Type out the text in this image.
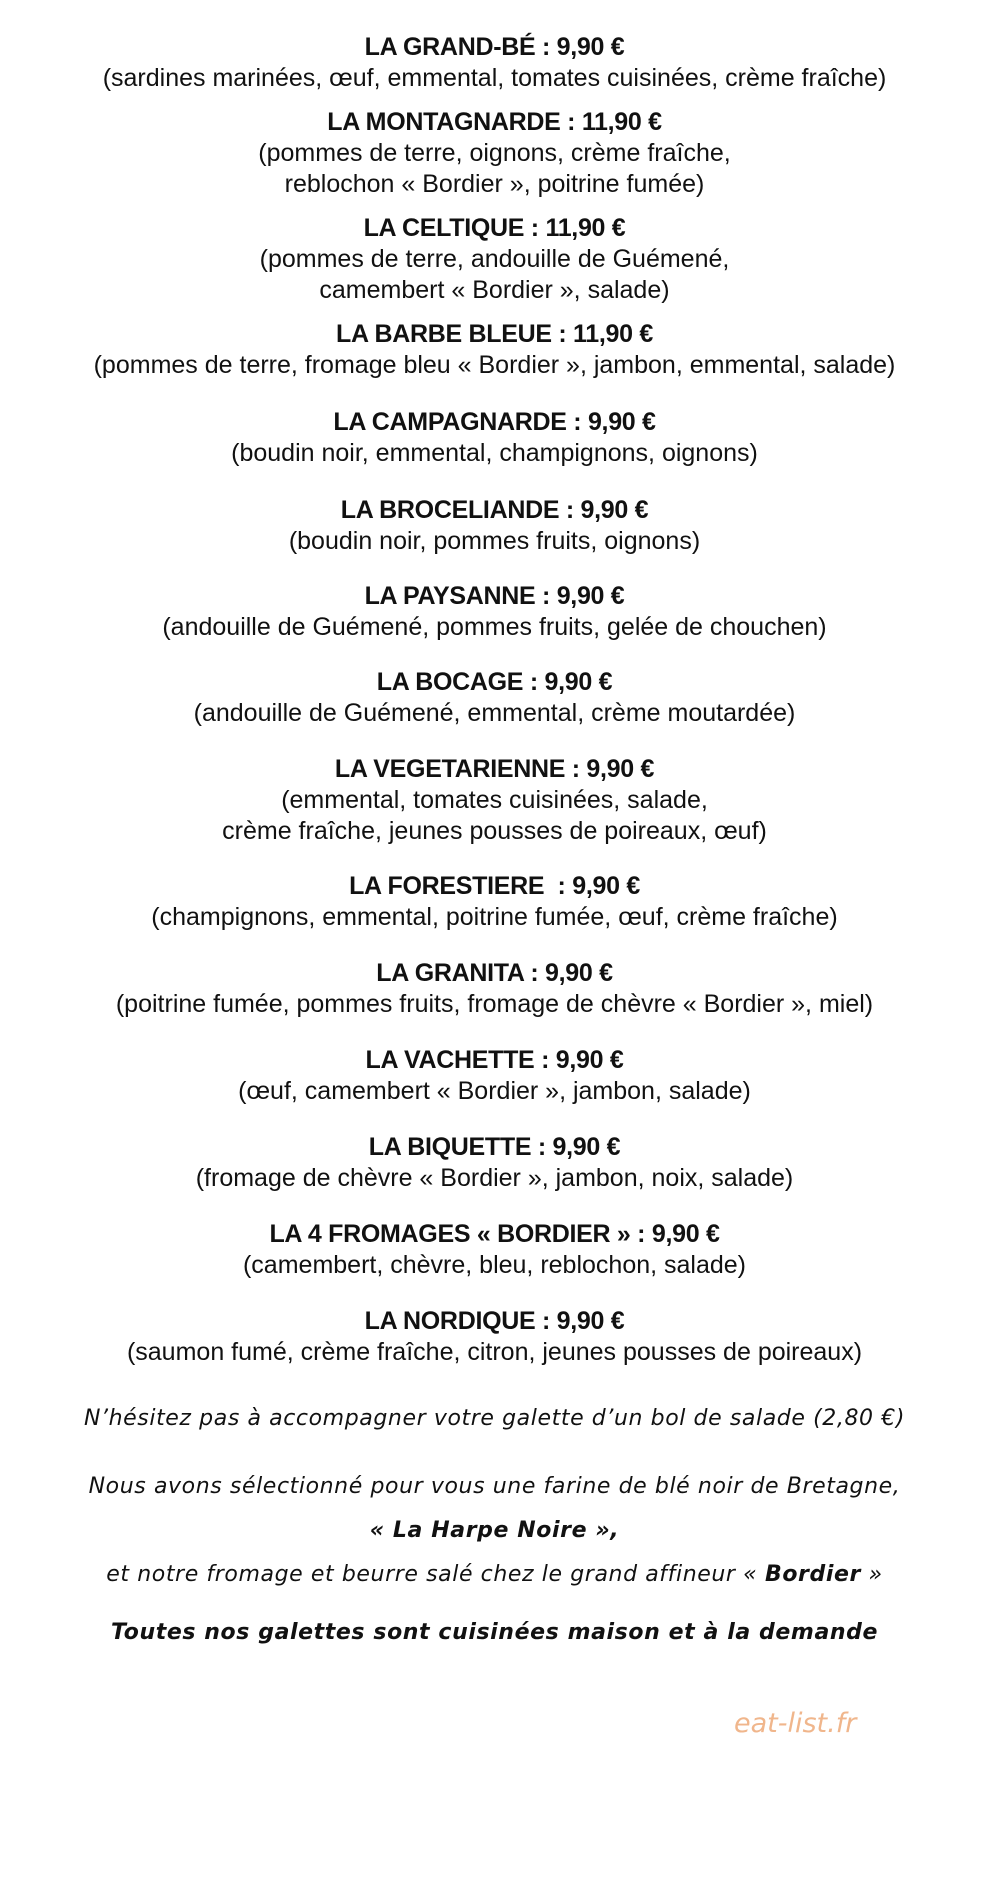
LA GRAND-BÉ : 9,90 €
(sardines marinées, œuf, emmental, tomates cuisinées, crème fraîche)
LA MONTAGNARDE : 11,90 €
(pommes de terre, oignons, crème fraîche,
reblochon « Bordier », poitrine fumée)
LA CELTIQUE : 11,90 €
(pommes de terre, andouille de Guémené,
camembert « Bordier », salade)
LA BARBE BLEUE : 11,90 €
(pommes de terre, fromage bleu « Bordier », jambon, emmental, salade)
LA CAMPAGNARDE : 9,90 €
(boudin noir, emmental, champignons, oignons)
LA BROCELIANDE : 9,90 €
(boudin noir, pommes fruits, oignons)
LA PAYSANNE : 9,90 €
(andouille de Guémené, pommes fruits, gelée de chouchen)
LA BOCAGE : 9,90 €
(andouille de Guémené, emmental, crème moutardée)
LA VEGETARIENNE : 9,90 €
(emmental, tomates cuisinées, salade,
crème fraîche, jeunes pousses de poireaux, œuf)
LA FORESTIERE  : 9,90 €
(champignons, emmental, poitrine fumée, œuf, crème fraîche)
LA GRANITA : 9,90 €
(poitrine fumée, pommes fruits, fromage de chèvre « Bordier », miel)
LA VACHETTE : 9,90 €
(œuf, camembert « Bordier », jambon, salade)
LA BIQUETTE : 9,90 €
(fromage de chèvre « Bordier », jambon, noix, salade)
LA 4 FROMAGES « BORDIER » : 9,90 €
(camembert, chèvre, bleu, reblochon, salade)
LA NORDIQUE : 9,90 €
(saumon fumé, crème fraîche, citron, jeunes pousses de poireaux)
N’hésitez pas à accompagner votre galette d’un bol de salade (2,80 €)
Nous avons sélectionné pour vous une farine de blé noir de Bretagne,
« La Harpe Noire »,
et notre fromage et beurre salé chez le grand affineur « Bordier »
Toutes nos galettes sont cuisinées maison et à la demande
eat-list.fr
